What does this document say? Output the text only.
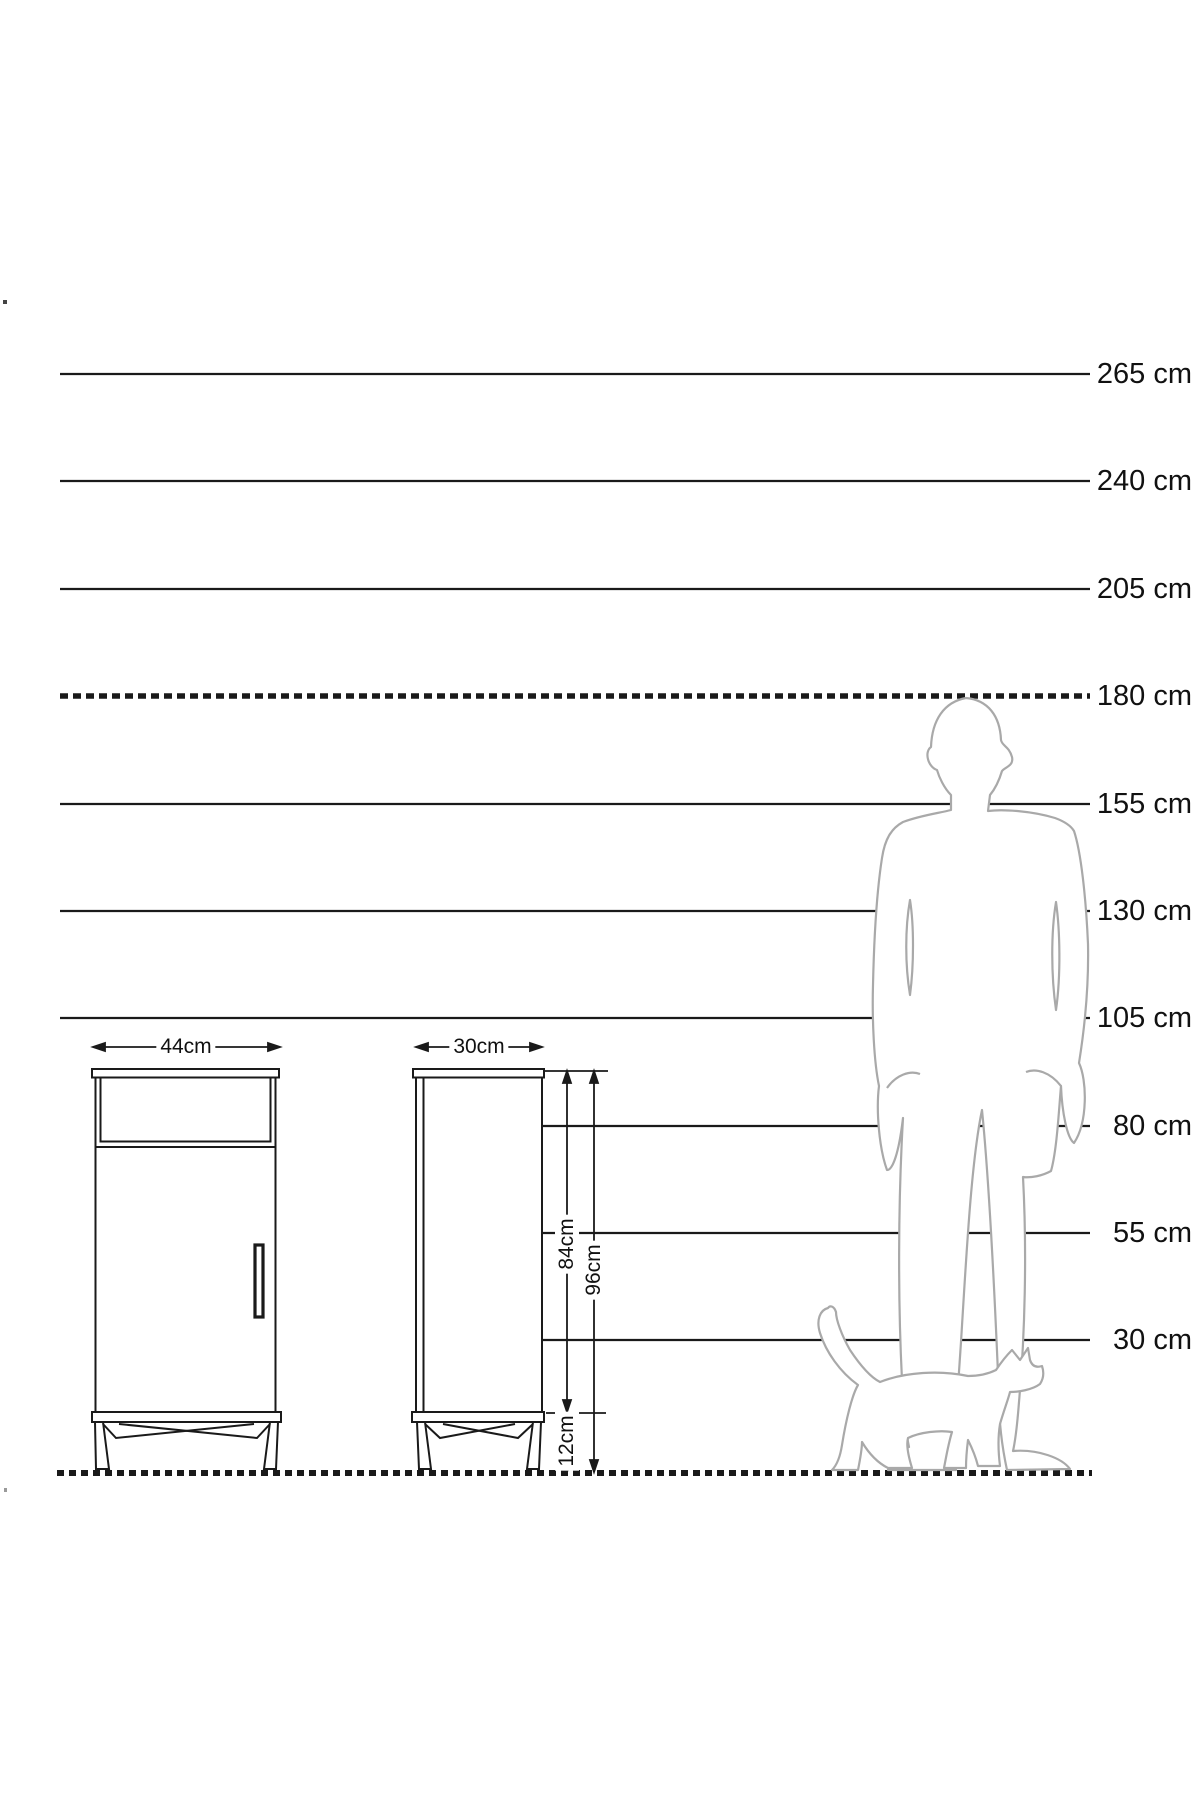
265 cm
240 cm
205 cm
180 cm
155 cm
130 cm
105 cm
80 cm
55 cm
30 cm
44cm	30cm
84cm
96cm
12cm
